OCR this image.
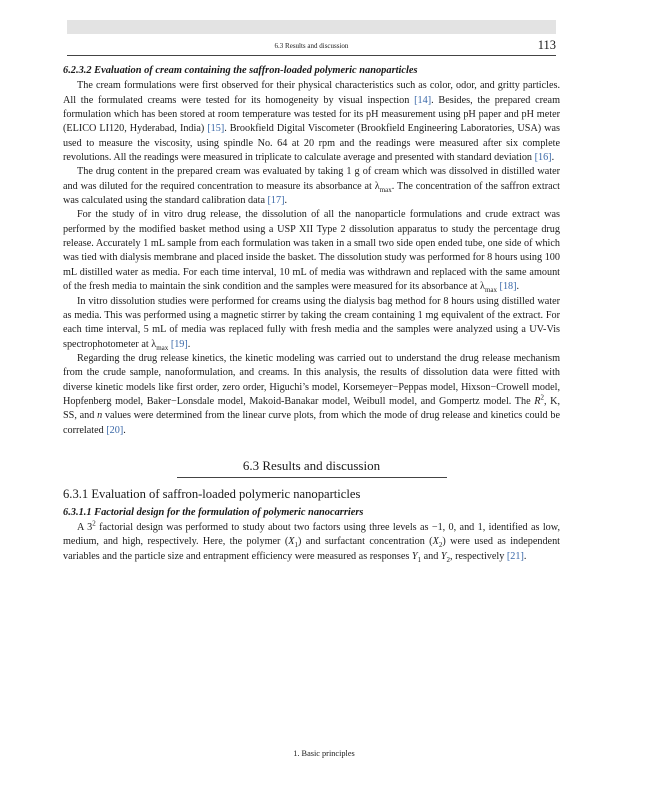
6.3 Results and discussion	113
6.2.3.2 Evaluation of cream containing the saffron-loaded polymeric nanoparticles

The cream formulations were first observed for their physical characteristics such as color, odor, and gritty particles. All the formulated creams were tested for its homogeneity by visual inspection [14]. Besides, the prepared cream formulation which has been stored at room temperature was tested for its pH measurement using pH paper and pH meter (ELICO LI120, Hyderabad, India) [15]. Brookfield Digital Viscometer (Brookfield Engineering Laboratories, USA) was used to measure the viscosity, using spindle No. 64 at 20 rpm and the readings were measured after six complete revolutions. All the readings were measured in triplicate to calculate average and presented with standard deviation [16].

The drug content in the prepared cream was evaluated by taking 1 g of cream which was dissolved in distilled water and was diluted for the required concentration to measure its absorbance at $\lambda_{max}$. The concentration of the saffron extract was calculated using the standard calibration data [17].

For the study of in vitro drug release, the dissolution of all the nanoparticle formulations and crude extract was performed by the modified basket method using a USP XII Type 2 dissolution apparatus to study the percentage drug release. Accurately 1 mL sample from each formulation was taken in a small two side open ended tube, one side of which was tied with dialysis membrane and placed inside the basket. The dissolution study was performed for 8 hours using 100 mL distilled water as media. For each time interval, 10 mL of media was withdrawn and replaced with the same amount of the fresh media to maintain the sink condition and the samples were measured for its absorbance at $\lambda_{max}$ [18].

In vitro dissolution studies were performed for creams using the dialysis bag method for 8 hours using distilled water as media. This was performed using a magnetic stirrer by taking the cream containing 1 mg equivalent of the extract. For each time interval, 5 mL of media was replaced fully with fresh media and the samples were analyzed using a UV-Vis spectrophotometer at $\lambda_{max}$ [19].

Regarding the drug release kinetics, the kinetic modeling was carried out to understand the drug release mechanism from the crude sample, nanoformulation, and creams. In this analysis, the results of dissolution data were fitted with diverse kinetic models like first order, zero order, Higuchi’s model, Korsemeyer−Peppas model, Hixson−Crowell model, Hopfenberg model, Baker−Lonsdale model, Makoid-Banakar model, Weibull model, and Gompertz model. The $R^2$, K, SS, and n values were determined from the linear curve plots, from which the mode of drug release and kinetics could be correlated [20].

6.3 Results and discussion
6.3.1 Evaluation of saffron-loaded polymeric nanoparticles
6.3.1.1 Factorial design for the formulation of polymeric nanocarriers

A $3^2$ factorial design was performed to study about two factors using three levels as −1, 0, and 1, identified as low, medium, and high, respectively. Here, the polymer $(X_1)$ and surfactant concentration $(X_2)$ were used as independent variables and the particle size and entrapment efficiency were measured as responses $Y_1$ and $Y_2$, respectively [21].

1. Basic principles
